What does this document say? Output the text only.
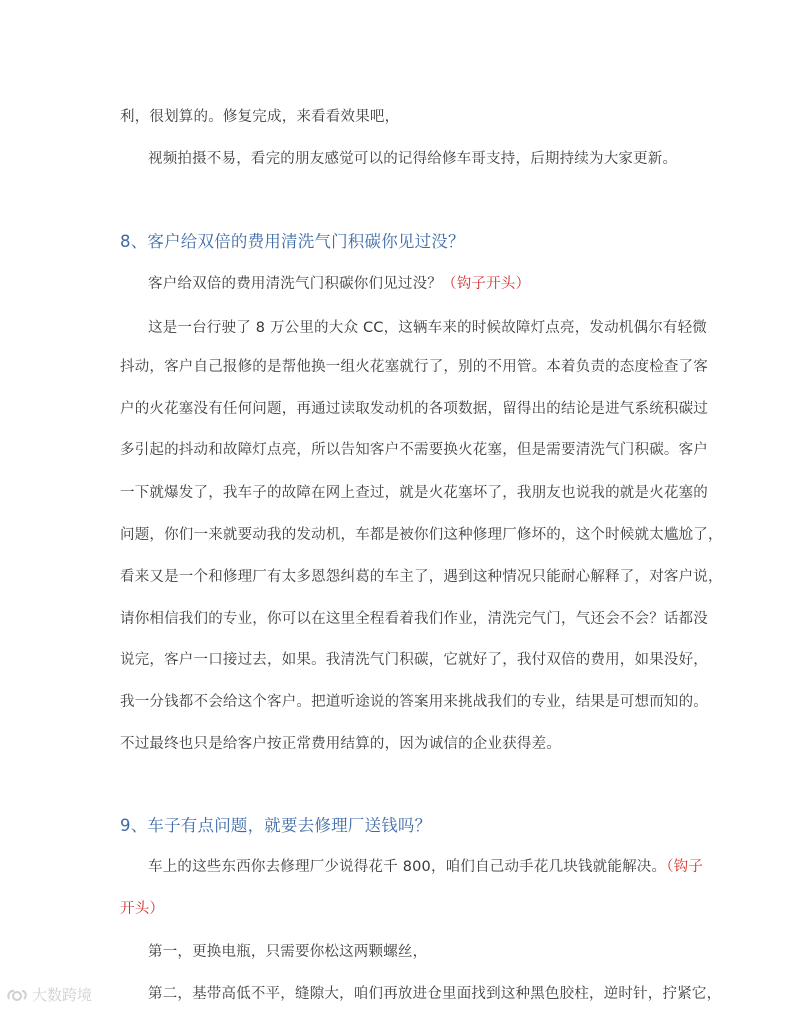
利，很划算的。修复完成，来看看效果吧，
视频拍摄不易，看完的朋友感觉可以的记得给修车哥支持，后期持续为大家更新。
8、客户给双倍的费用清洗气门积碳你见过没？
客户给双倍的费用清洗气门积碳你们见过没？（钩子开头）
这是一台行驶了 8 万公里的大众 CC，这辆车来的时候故障灯点亮，发动机偶尔有轻微
抖动，客户自己报修的是帮他换一组火花塞就行了，别的不用管。本着负责的态度检查了客
户的火花塞没有任何问题，再通过读取发动机的各项数据，留得出的结论是进气系统积碳过
多引起的抖动和故障灯点亮，所以告知客户不需要换火花塞，但是需要清洗气门积碳。客户
一下就爆发了，我车子的故障在网上查过，就是火花塞坏了，我朋友也说我的就是火花塞的
问题，你们一来就要动我的发动机，车都是被你们这种修理厂修坏的，这个时候就太尴尬了，
看来又是一个和修理厂有太多恩怨纠葛的车主了，遇到这种情况只能耐心解释了，对客户说，
请你相信我们的专业，你可以在这里全程看着我们作业，清洗完气门，气还会不会？话都没
说完，客户一口接过去，如果。我清洗气门积碳，它就好了，我付双倍的费用，如果没好，
我一分钱都不会给这个客户。把道听途说的答案用来挑战我们的专业，结果是可想而知的。
不过最终也只是给客户按正常费用结算的，因为诚信的企业获得差。
9、车子有点问题，就要去修理厂送钱吗？
车上的这些东西你去修理厂少说得花千 800，咱们自己动手花几块钱就能解决。（钩子
开头）
第一，更换电瓶，只需要你松这两颗螺丝，
第二，基带高低不平，缝隙大，咱们再放进仓里面找到这种黑色胶柱，逆时针，拧紧它，
大数跨境
